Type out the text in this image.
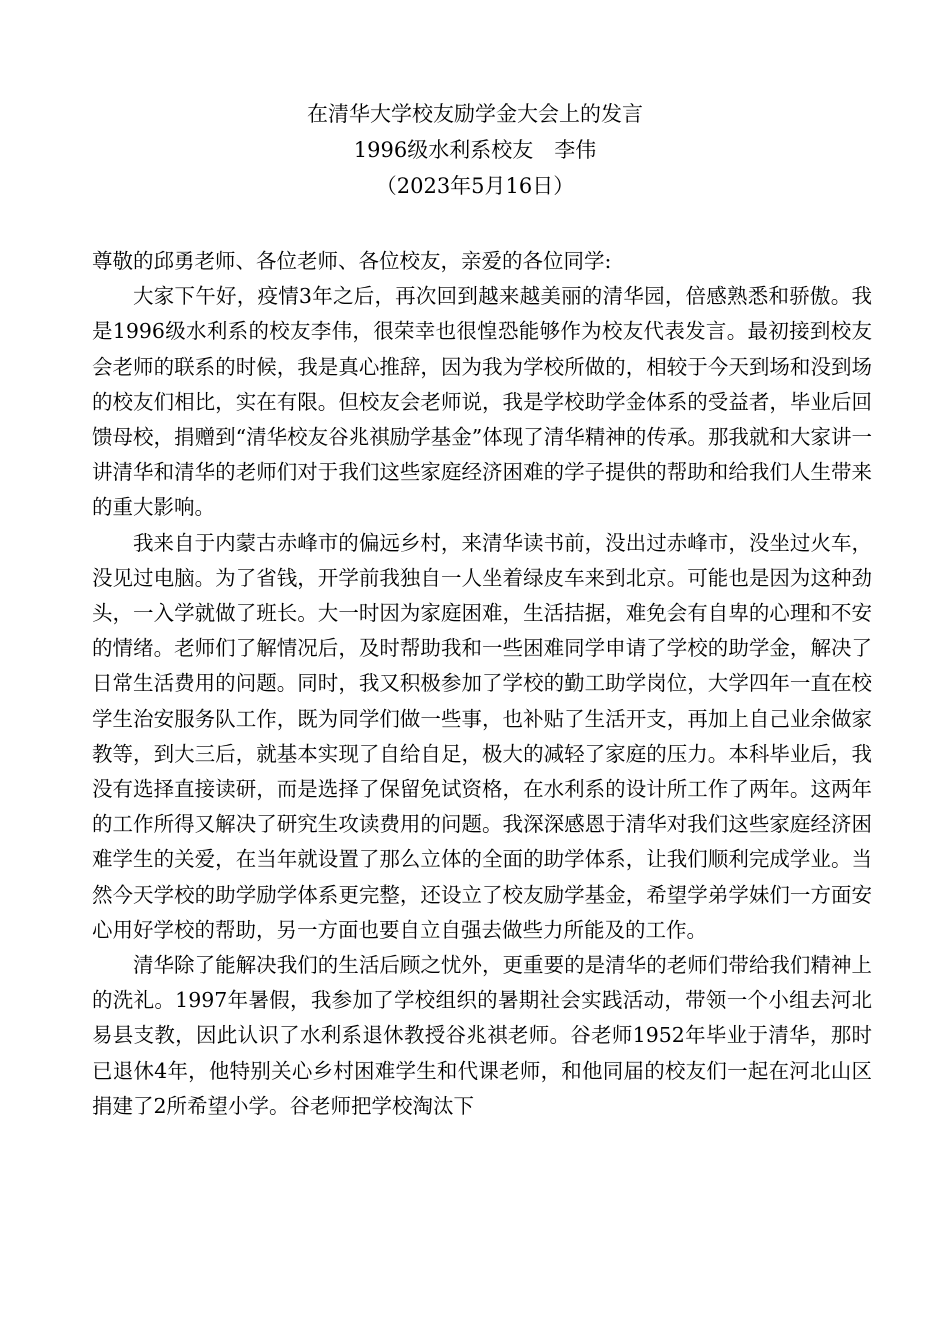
在清华大学校友励学金大会上的发言
1996级水利系校友　李伟
（2023年5月16日）

尊敬的邱勇老师、各位老师、各位校友，亲爱的各位同学:

大家下午好，疫情3年之后，再次回到越来越美丽的清华园，倍感熟悉和骄傲。我是1996级水利系的校友李伟，很荣幸也很惶恐能够作为校友代表发言。最初接到校友会老师的联系的时候，我是真心推辞，因为我为学校所做的，相较于今天到场和没到场的校友们相比，实在有限。但校友会老师说，我是学校助学金体系的受益者，毕业后回馈母校，捐赠到“清华校友谷兆祺励学基金”体现了清华精神的传承。那我就和大家讲一讲清华和清华的老师们对于我们这些家庭经济困难的学子提供的帮助和给我们人生带来的重大影响。

我来自于内蒙古赤峰市的偏远乡村，来清华读书前，没出过赤峰市，没坐过火车，没见过电脑。为了省钱，开学前我独自一人坐着绿皮车来到北京。可能也是因为这种劲头，一入学就做了班长。大一时因为家庭困难，生活拮据，难免会有自卑的心理和不安的情绪。老师们了解情况后，及时帮助我和一些困难同学申请了学校的助学金，解决了日常生活费用的问题。同时，我又积极参加了学校的勤工助学岗位，大学四年一直在校学生治安服务队工作，既为同学们做一些事，也补贴了生活开支，再加上自己业余做家教等，到大三后，就基本实现了自给自足，极大的减轻了家庭的压力。本科毕业后，我没有选择直接读研，而是选择了保留免试资格，在水利系的设计所工作了两年。这两年的工作所得又解决了研究生攻读费用的问题。我深深感恩于清华对我们这些家庭经济困难学生的关爱，在当年就设置了那么立体的全面的助学体系，让我们顺利完成学业。当然今天学校的助学励学体系更完整，还设立了校友励学基金，希望学弟学妹们一方面安心用好学校的帮助，另一方面也要自立自强去做些力所能及的工作。

清华除了能解决我们的生活后顾之忧外，更重要的是清华的老师们带给我们精神上的洗礼。1997年暑假，我参加了学校组织的暑期社会实践活动，带领一个小组去河北易县支教，因此认识了水利系退休教授谷兆祺老师。谷老师1952年毕业于清华，那时已退休4年，他特别关心乡村困难学生和代课老师，和他同届的校友们一起在河北山区捐建了2所希望小学。谷老师把学校淘汰下
